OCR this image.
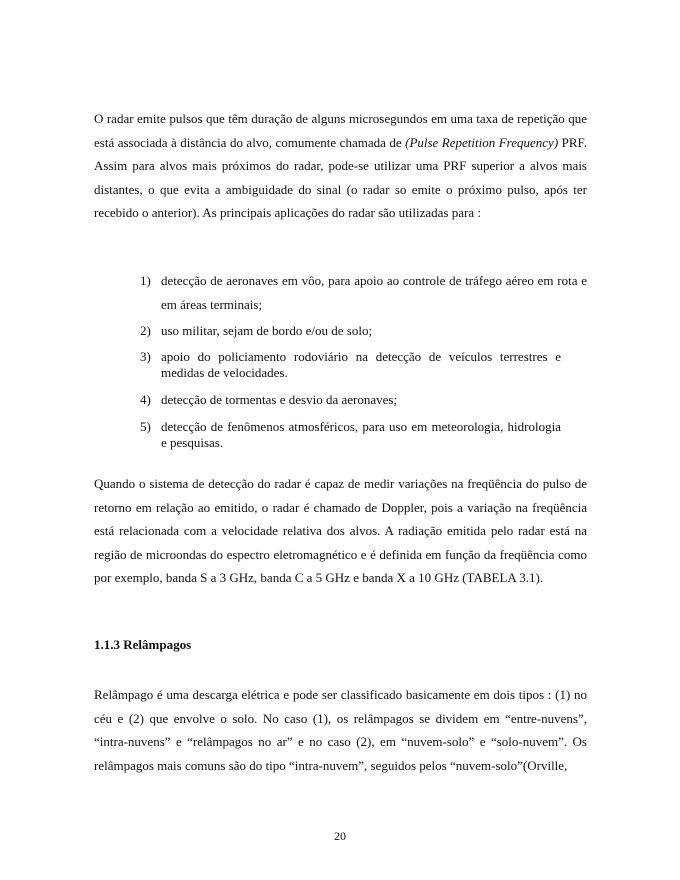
O radar emite pulsos que têm duração de alguns microsegundos em uma taxa de repetição que está associada à distância do alvo, comumente chamada de (Pulse Repetition Frequency) PRF. Assim para alvos mais próximos do radar, pode-se utilizar uma PRF superior a alvos mais distantes, o que evita a ambiguidade do sinal (o radar so emite o próximo pulso, após ter recebido o anterior). As principais aplicações do radar são utilizadas para :

1) detecção de aeronaves em vôo, para apoio ao controle de tráfego aéreo em rota e em áreas terminais;
2) uso militar, sejam de bordo e/ou de solo;
3) apoio do policiamento rodoviário na detecção de veículos terrestres e medidas de velocidades.
4) detecção de tormentas e desvio da aeronaves;
5) detecção de fenômenos atmosféricos, para uso em meteorologia, hidrologia e pesquisas.

Quando o sistema de detecção do radar é capaz de medir variações na freqüência do pulso de retorno em relação ao emitido, o radar é chamado de Doppler, pois a variação na freqüência está relacionada com a velocidade relativa dos alvos. A radiação emitida pelo radar está na região de microondas do espectro eletromagnético e é definida em função da freqüência como por exemplo, banda S a 3 GHz, banda C a 5 GHz e banda X a 10 GHz (TABELA 3.1).

1.1.3 Relâmpagos

Relâmpago é uma descarga elétrica e pode ser classificado basicamente em dois tipos : (1) no céu e (2) que envolve o solo. No caso (1), os relâmpagos se dividem em “entre-nuvens”, “intra-nuvens” e “relâmpagos no ar” e no caso (2), em “nuvem-solo” e “solo-nuvem”. Os relâmpagos mais comuns são do tipo “intra-nuvem”, seguidos pelos “nuvem-solo”(Orville,

20
